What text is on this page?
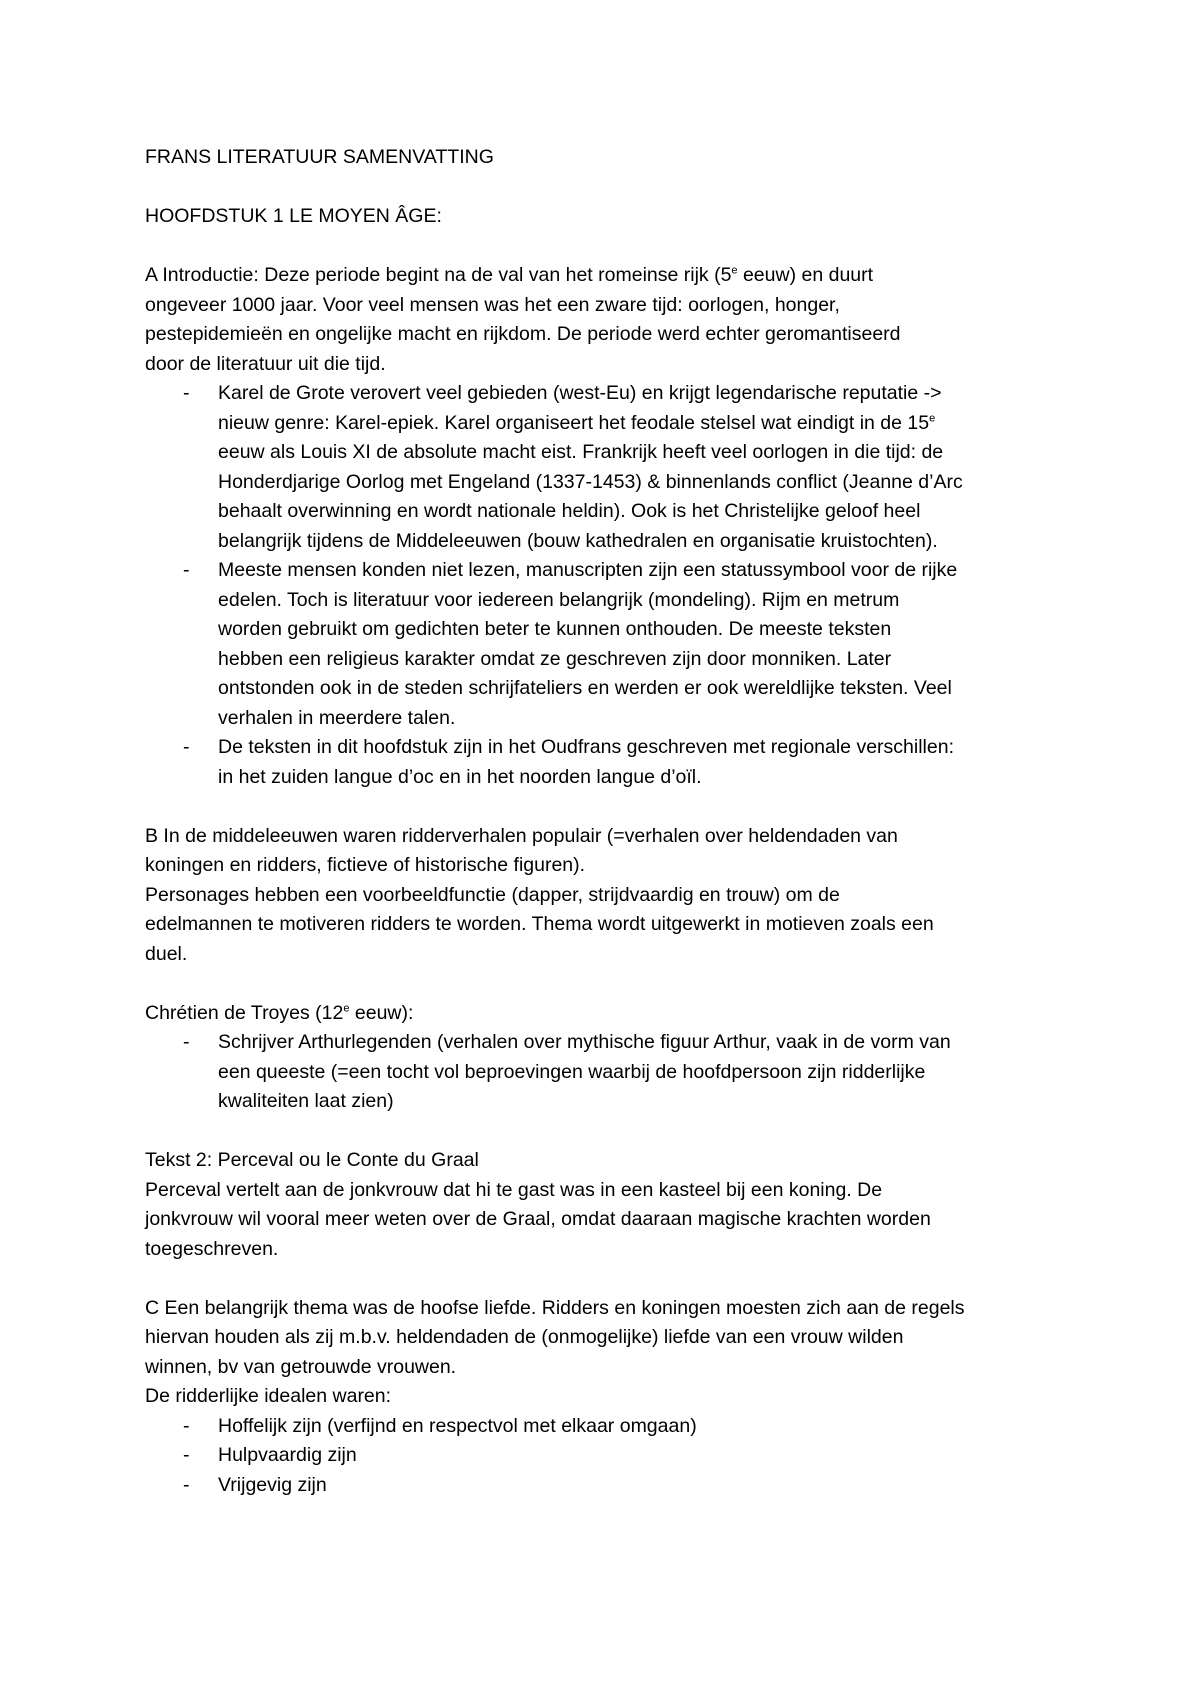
FRANS LITERATUUR SAMENVATTING

HOOFDSTUK 1 LE MOYEN ÂGE:

A Introductie: Deze periode begint na de val van het romeinse rijk (5e eeuw) en duurt

ongeveer 1000 jaar. Voor veel mensen was het een zware tijd: oorlogen, honger,

pestepidemieën en ongelijke macht en rijkdom. De periode werd echter geromantiseerd

door de literatuur uit die tijd.

- Karel de Grote verovert veel gebieden (west-Eu) en krijgt legendarische reputatie ->
nieuw genre: Karel-epiek. Karel organiseert het feodale stelsel wat eindigt in de 15e
eeuw als Louis XI de absolute macht eist. Frankrijk heeft veel oorlogen in die tijd: de
Honderdjarige Oorlog met Engeland (1337-1453) & binnenlands conflict (Jeanne d’Arc
behaalt overwinning en wordt nationale heldin). Ook is het Christelijke geloof heel
belangrijk tijdens de Middeleeuwen (bouw kathedralen en organisatie kruistochten).
- Meeste mensen konden niet lezen, manuscripten zijn een statussymbool voor de rijke
edelen. Toch is literatuur voor iedereen belangrijk (mondeling). Rijm en metrum
worden gebruikt om gedichten beter te kunnen onthouden. De meeste teksten
hebben een religieus karakter omdat ze geschreven zijn door monniken. Later
ontstonden ook in de steden schrijfateliers en werden er ook wereldlijke teksten. Veel
verhalen in meerdere talen.
- De teksten in dit hoofdstuk zijn in het Oudfrans geschreven met regionale verschillen:
in het zuiden langue d’oc en in het noorden langue d’oïl.

B In de middeleeuwen waren ridderverhalen populair (=verhalen over heldendaden van

koningen en ridders, fictieve of historische figuren).

Personages hebben een voorbeeldfunctie (dapper, strijdvaardig en trouw) om de

edelmannen te motiveren ridders te worden. Thema wordt uitgewerkt in motieven zoals een

duel.

Chrétien de Troyes (12e eeuw):

- Schrijver Arthurlegenden (verhalen over mythische figuur Arthur, vaak in de vorm van
een queeste (=een tocht vol beproevingen waarbij de hoofdpersoon zijn ridderlijke
kwaliteiten laat zien)

Tekst 2: Perceval ou le Conte du Graal

Perceval vertelt aan de jonkvrouw dat hi te gast was in een kasteel bij een koning. De

jonkvrouw wil vooral meer weten over de Graal, omdat daaraan magische krachten worden

toegeschreven.

C Een belangrijk thema was de hoofse liefde. Ridders en koningen moesten zich aan de regels

hiervan houden als zij m.b.v. heldendaden de (onmogelijke) liefde van een vrouw wilden

winnen, bv van getrouwde vrouwen.

De ridderlijke idealen waren:

- Hoffelijk zijn (verfijnd en respectvol met elkaar omgaan)
- Hulpvaardig zijn
- Vrijgevig zijn
